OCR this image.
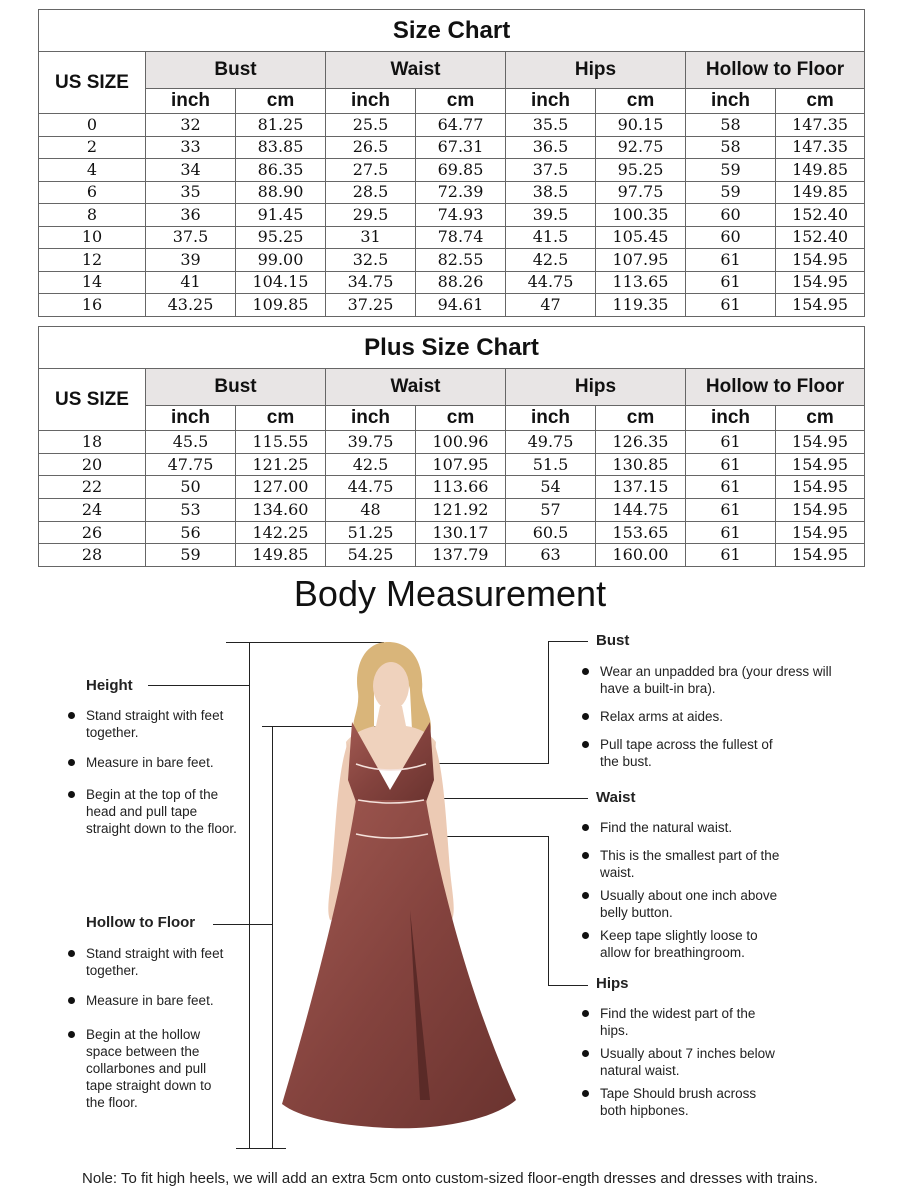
Size Chart								
US SIZE	Bust		Waist		Hips		Hollow to Floor	
	inch	cm	inch	cm	inch	cm	inch	cm
0	32	81.25	25.5	64.77	35.5	90.15	58	147.35
2	33	83.85	26.5	67.31	36.5	92.75	58	147.35
4	34	86.35	27.5	69.85	37.5	95.25	59	149.85
6	35	88.90	28.5	72.39	38.5	97.75	59	149.85
8	36	91.45	29.5	74.93	39.5	100.35	60	152.40
10	37.5	95.25	31	78.74	41.5	105.45	60	152.40
12	39	99.00	32.5	82.55	42.5	107.95	61	154.95
14	41	104.15	34.75	88.26	44.75	113.65	61	154.95
16	43.25	109.85	37.25	94.61	47	119.35	61	154.95
Plus Size Chart								
US SIZE	Bust		Waist		Hips		Hollow to Floor	
	inch	cm	inch	cm	inch	cm	inch	cm
18	45.5	115.55	39.75	100.96	49.75	126.35	61	154.95
20	47.75	121.25	42.5	107.95	51.5	130.85	61	154.95
22	50	127.00	44.75	113.66	54	137.15	61	154.95
24	53	134.60	48	121.92	57	144.75	61	154.95
26	56	142.25	51.25	130.17	60.5	153.65	61	154.95
28	59	149.85	54.25	137.79	63	160.00	61	154.95
Body Measurement
Height
Stand straight with feet together.
Measure in bare feet.
Begin at the top of the head and pull tape straight down to the floor.
Hollow to Floor
Stand straight with feet together.
Measure in bare feet.
Begin at the hollow space between the collarbones and pull tape straight down to the floor.
Bust
Wear an unpadded bra (your dress will have a built-in bra).
Relax arms at aides.
Pull tape across the fullest of the bust.
Waist
Find the natural waist.
This is the smallest part of the waist.
Usually about one inch above belly button.
Keep tape slightly loose to allow for breathingroom.
Hips
Find the widest part of the hips.
Usually about 7 inches below natural waist.
Tape Should brush across both hipbones.
Nole: To fit high heels, we will add an extra 5cm onto custom-sized floor-ength dresses and dresses with trains.
